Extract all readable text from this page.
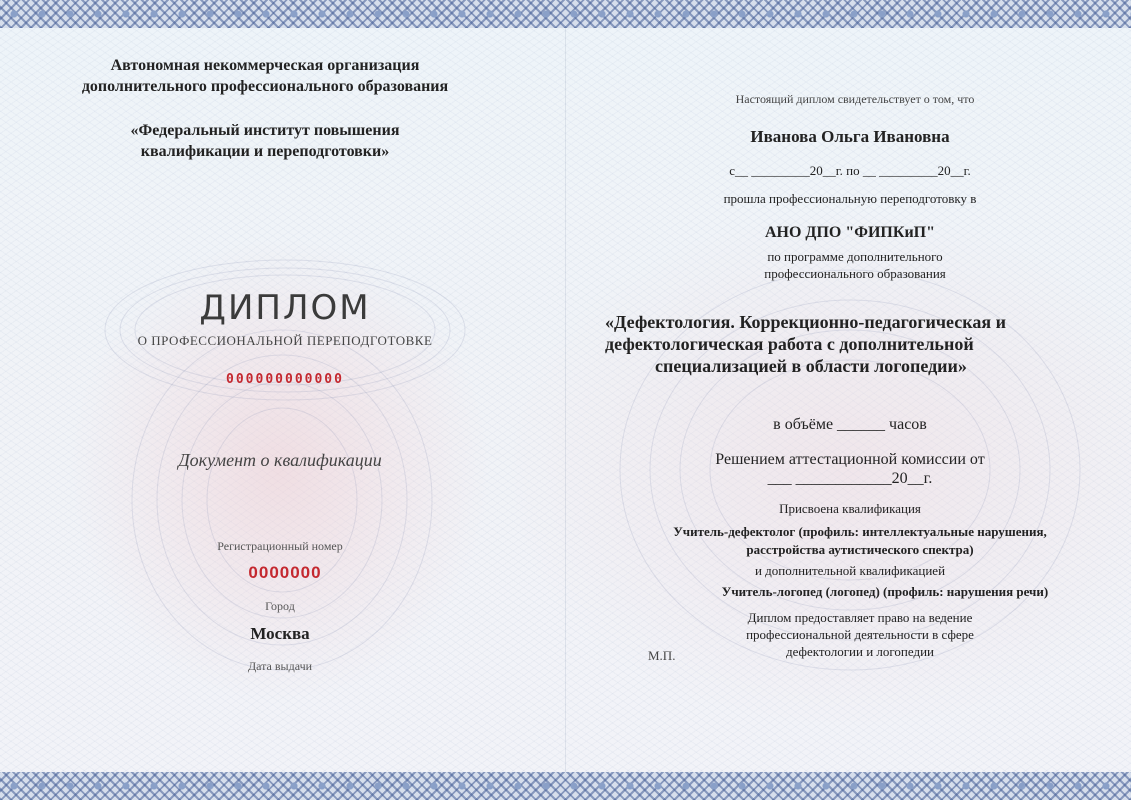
Автономная некоммерческая организация
дополнительного профессионального образования

«Федеральный институт повышения
квалификации и переподготовки»

ДИПЛОМ

О ПРОФЕССИОНАЛЬНОЙ ПЕРЕПОДГОТОВКЕ

000000000000

Документ о квалификации

Регистрационный номер

0000000

Город

Москва

Дата выдачи

Настоящий диплом свидетельствует о том, что

Иванова Ольга Ивановна

с__ _________20__г. по __ _________20__г.

прошла профессиональную переподготовку в

АНО ДПО "ФИПКиП"

по программе дополнительного
профессионального образования

«Дефектология. Коррекционно-педагогическая и
дефектологическая работа с дополнительной
специализацией в области логопедии»

в объёме ______ часов

Решением аттестационной комиссии от
___ ____________20__г.

Присвоена квалификация

Учитель-дефектолог (профиль: интеллектуальные нарушения,
расстройства аутистического спектра)

и дополнительной квалификацией

Учитель-логопед (логопед) (профиль: нарушения речи)

Диплом предоставляет право на ведение
профессиональной деятельности в сфере
дефектологии и логопедии

М.П.
